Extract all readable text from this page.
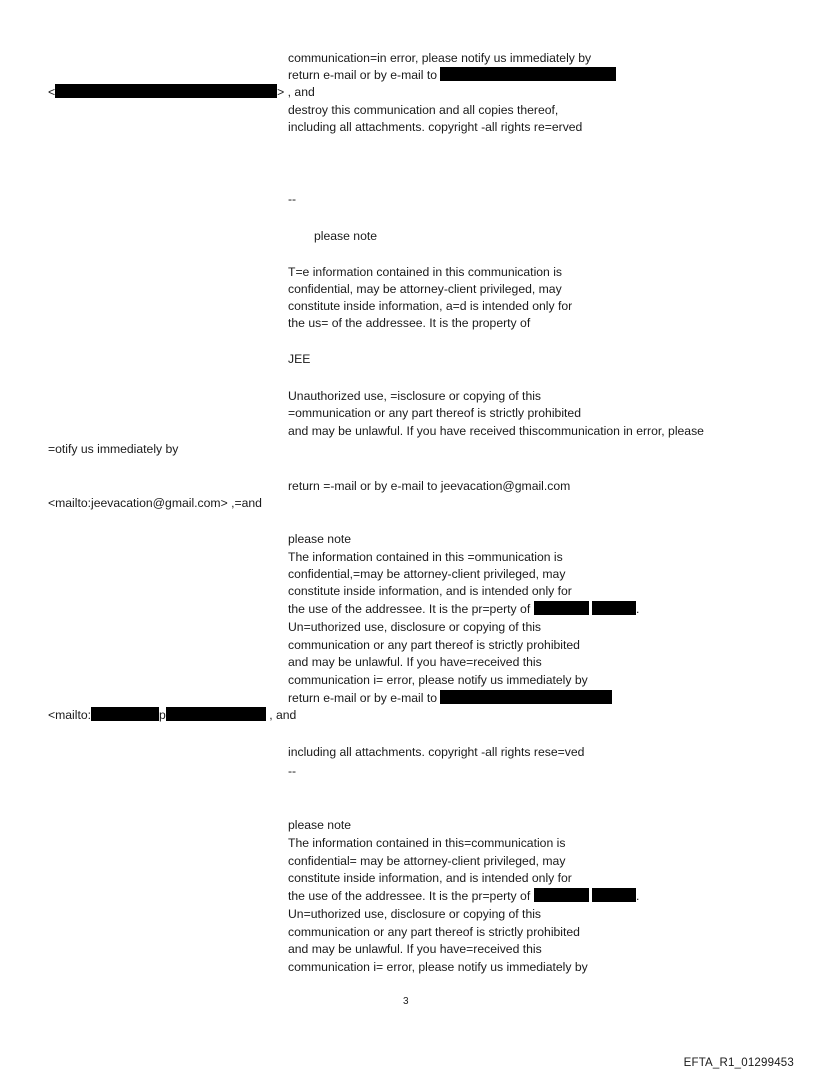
communication=in error, please notify us immediately by
return e-mail or by e-mail to
<	> , and
destroy this communication and all copies thereof,
including all attachments. copyright -all rights re=erved
--
please note
T=e information contained in this communication is
confidential, may be attorney-client privileged, may
constitute inside information, a=d is intended only for
the us= of the addressee. It is the property of
JEE
Unauthorized use, =isclosure or copying of this
=ommunication or any part thereof is strictly prohibited
and may be unlawful. If you have received thiscommunication in error, please
=otify us immediately by
return =-mail or by e-mail to jeevacation@gmail.com
<mailto:jeevacation@gmail.com> ,=and
please note
The information contained in this =ommunication is
confidential,=may be attorney-client privileged, may
constitute inside information, and is intended only for
the use of the addressee. It is the pr=perty of	.
Un=uthorized use, disclosure or copying of this
communication or any part thereof is strictly prohibited
and may be unlawful. If you have=received this
communication i= error, please notify us immediately by
return e-mail or by e-mail to
<mailto:	p	, and
including all attachments. copyright -all rights rese=ved
--
please note
The information contained in this=communication is
confidential= may be attorney-client privileged, may
constitute inside information, and is intended only for
the use of the addressee. It is the pr=perty of	.
Un=uthorized use, disclosure or copying of this
communication or any part thereof is strictly prohibited
and may be unlawful. If you have=received this
communication i= error, please notify us immediately by
3
EFTA_R1_01299453
